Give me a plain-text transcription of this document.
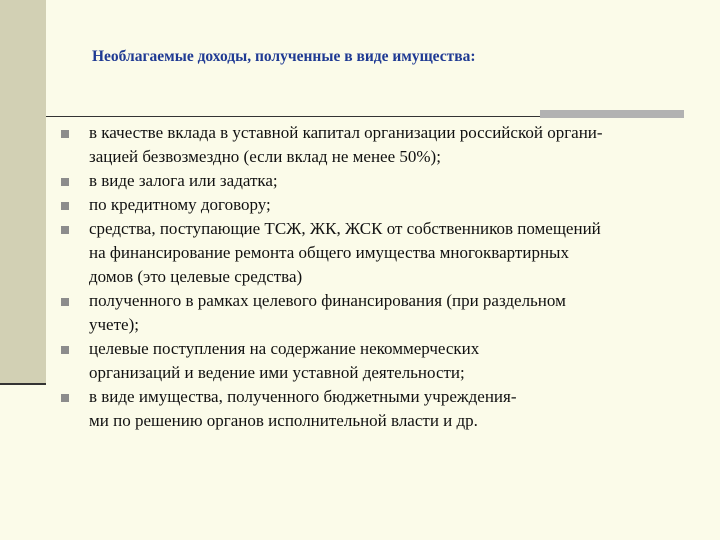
Необлагаемые доходы, полученные в виде имущества:
в качестве вклада в уставной капитал организации российской органи-
зацией безвозмездно (если вклад не менее 50%);
в виде залога или задатка;
по кредитному договору;
средства, поступающие ТСЖ, ЖК, ЖСК от собственников помещений
на финансирование ремонта общего имущества многоквартирных
домов (это целевые средства)
полученного в рамках целевого финансирования (при раздельном
учете);
целевые поступления на содержание некоммерческих
организаций и ведение ими уставной деятельности;
в виде имущества, полученного бюджетными учреждения-
ми по решению органов исполнительной власти и др.
